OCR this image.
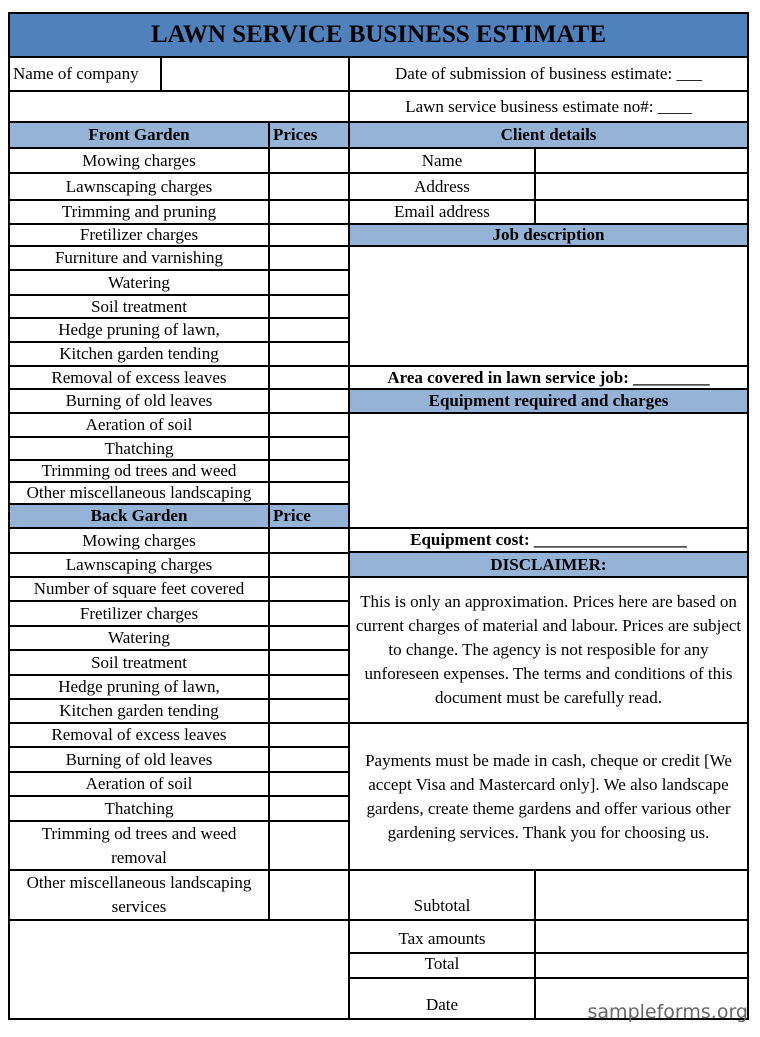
LAWN SERVICE BUSINESS ESTIMATE
Name of company	Date of submission of business estimate: ___
Lawn service business estimate no#: ____
Front Garden	Prices
Mowing charges
Lawnscaping charges
Trimming and pruning
Fretilizer charges
Furniture and varnishing
Watering
Soil treatment
Hedge pruning of lawn,
Kitchen garden tending
Removal of excess leaves
Burning of old leaves
Aeration of soil
Thatching
Trimming od trees and weed
Other miscellaneous landscaping
Back Garden	Price
Mowing charges
Lawnscaping charges
Number of square feet covered
Fretilizer charges
Watering
Soil treatment
Hedge pruning of lawn,
Kitchen garden tending
Removal of excess leaves
Burning of old leaves
Aeration of soil
Thatching
Trimming od trees and weed removal
Other miscellaneous landscaping services
Client details
Name
Address
Email address
Job description
Area covered in lawn service job: _________
Equipment required and charges
Equipment cost: __________________
DISCLAIMER:
This is only an approximation. Prices here are based on current charges of material and labour. Prices are subject to change. The agency is not resposible for any unforeseen expenses. The terms and conditions of this document must be carefully read.
Payments must be made in cash, cheque or credit [We accept Visa and Mastercard only]. We also landscape gardens, create theme gardens and offer various other gardening services. Thank you for choosing us.
Subtotal
Tax amounts
Total
Date	sampleforms.org
